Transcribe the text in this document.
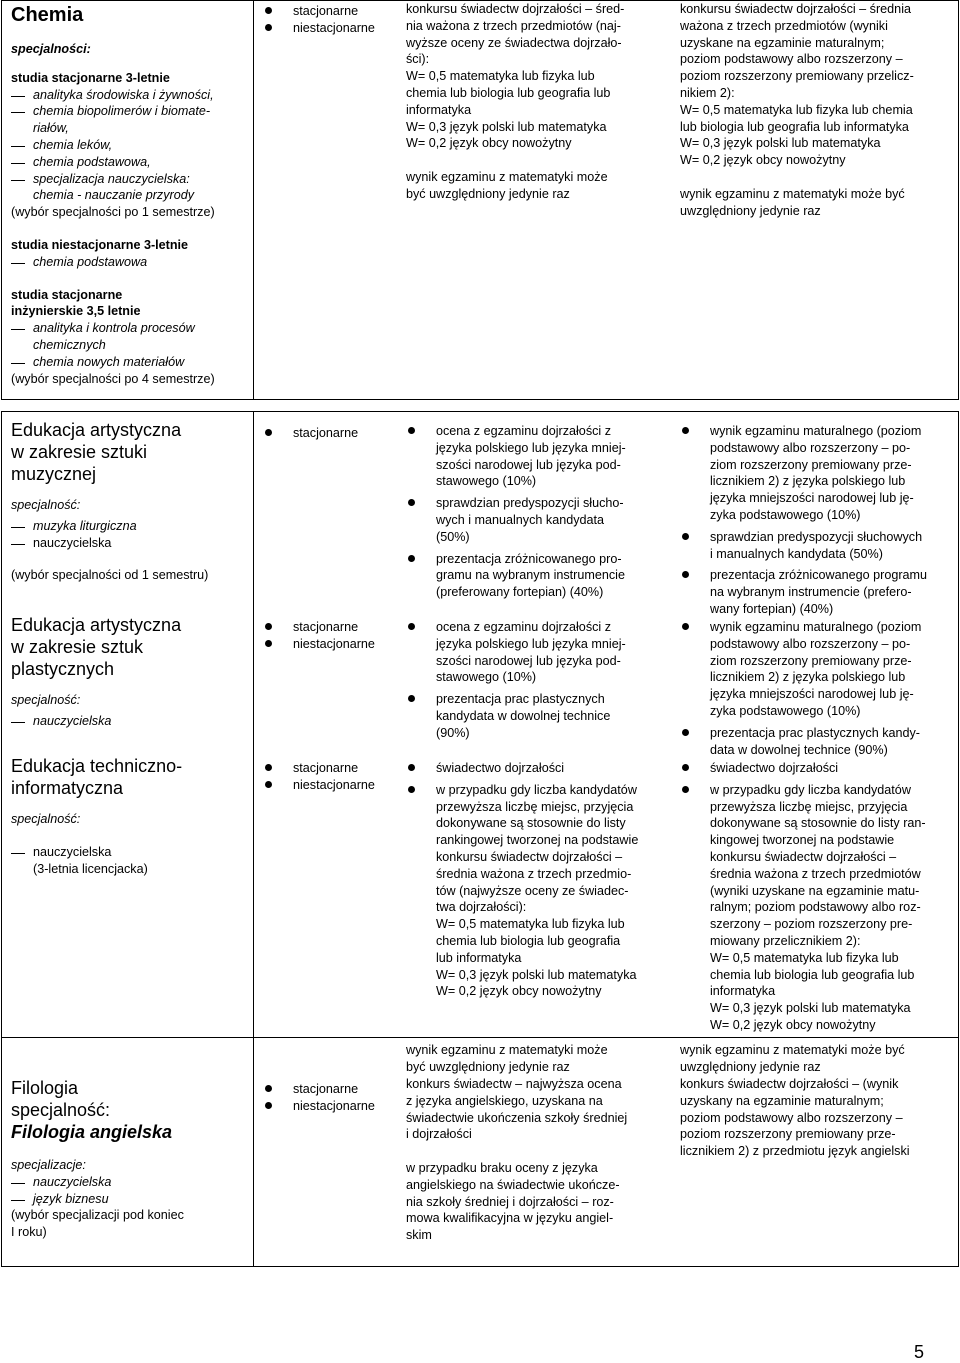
Chemia
specjalności:
studia stacjonarne 3-letnie
analityka środowiska i żywności,
chemia biopolimerów i biomate-
riałów,
chemia leków,
chemia podstawowa,
specjalizacja nauczycielska:
chemia - nauczanie przyrody
(wybór specjalności po 1 semestrze)
studia niestacjonarne 3-letnie
chemia podstawowa
studia stacjonarne
inżynierskie 3,5 letnie
analityka i kontrola procesów
chemicznych
chemia nowych materiałów
(wybór specjalności po 4 semestrze)
stacjonarne
niestacjonarne
konkursu świadectw dojrzałości – śred-
nia ważona z trzech przedmiotów (naj-
wyższe oceny ze świadectwa dojrzało-
ści):
W= 0,5 matematyka lub fizyka lub
chemia lub biologia lub geografia lub
informatyka
W= 0,3 język polski lub matematyka
W= 0,2 język obcy nowożytny
wynik egzaminu z matematyki może
być uwzględniony jedynie raz
konkursu świadectw dojrzałości – średnia
ważona z trzech przedmiotów (wyniki
uzyskane na egzaminie maturalnym;
poziom podstawowy albo rozszerzony –
poziom rozszerzony premiowany przelicz-
nikiem 2):
W= 0,5 matematyka lub fizyka lub chemia
lub biologia lub geografia lub informatyka
W= 0,3 język polski lub matematyka
W= 0,2 język obcy nowożytny
wynik egzaminu z matematyki może być
uwzględniony jedynie raz
Edukacja artystyczna
w zakresie sztuki
muzycznej
specjalność:
muzyka liturgiczna
nauczycielska
(wybór specjalności od 1 semestru)
stacjonarne	ocena z egzaminu dojrzałości z
języka polskiego lub języka mniej-
szości narodowej lub języka pod-
stawowego (10%)
sprawdzian predyspozycji słucho-
wych i manualnych kandydata
(50%)
prezentacja zróżnicowanego pro-
gramu na wybranym instrumencie
(preferowany fortepian) (40%)
wynik egzaminu maturalnego (poziom
podstawowy albo rozszerzony – po-
ziom rozszerzony premiowany prze-
licznikiem 2) z języka polskiego lub
języka mniejszości narodowej lub ję-
zyka podstawowego (10%)
sprawdzian predyspozycji słuchowych
i manualnych kandydata (50%)
prezentacja zróżnicowanego programu
na wybranym instrumencie (prefero-
wany fortepian) (40%)
Edukacja artystyczna
w zakresie sztuk
plastycznych
specjalność:
nauczycielska
stacjonarne
niestacjonarne
ocena z egzaminu dojrzałości z
języka polskiego lub języka mniej-
szości narodowej lub języka pod-
stawowego (10%)
prezentacja prac plastycznych
kandydata w dowolnej technice
(90%)
wynik egzaminu maturalnego (poziom
podstawowy albo rozszerzony – po-
ziom rozszerzony premiowany prze-
licznikiem 2) z języka polskiego lub
języka mniejszości narodowej lub ję-
zyka podstawowego (10%)
prezentacja prac plastycznych kandy-
data w dowolnej technice (90%)
Edukacja techniczno-
informatyczna
specjalność:
nauczycielska
(3-letnia licencjacka)
stacjonarne
niestacjonarne
świadectwo dojrzałości
w przypadku gdy liczba kandydatów
przewyższa liczbę miejsc, przyjęcia
dokonywane są stosownie do listy
rankingowej tworzonej na podstawie
konkursu świadectw dojrzałości –
średnia ważona z trzech przedmio-
tów (najwyższe oceny ze świadec-
twa dojrzałości):
W= 0,5 matematyka lub fizyka lub
chemia lub biologia lub geografia
lub informatyka
W= 0,3 język polski lub matematyka
W= 0,2 język obcy nowożytny
świadectwo dojrzałości
w przypadku gdy liczba kandydatów
przewyższa liczbę miejsc, przyjęcia
dokonywane są stosownie do listy ran-
kingowej tworzonej na podstawie
konkursu świadectw dojrzałości –
średnia ważona z trzech przedmiotów
(wyniki uzyskane na egzaminie matu-
ralnym; poziom podstawowy albo roz-
szerzony – poziom rozszerzony pre-
miowany przelicznikiem 2):
W= 0,5 matematyka lub fizyka lub
chemia lub biologia lub geografia lub
informatyka
W= 0,3 język polski lub matematyka
W= 0,2 język obcy nowożytny
wynik egzaminu z matematyki może
być uwzględniony jedynie raz
wynik egzaminu z matematyki może być
uwzględniony jedynie raz
Filologia
specjalność:
Filologia angielska
specjalizacje:
nauczycielska
język biznesu
(wybór specjalizacji pod koniec
I roku)
stacjonarne
niestacjonarne
konkurs świadectw – najwyższa ocena
z języka angielskiego, uzyskana na
świadectwie ukończenia szkoły średniej
i dojrzałości
w przypadku braku oceny z języka
angielskiego na świadectwie ukończe-
nia szkoły średniej i dojrzałości – roz-
mowa kwalifikacyjna w języku angiel-
skim
konkurs świadectw dojrzałości – (wynik
uzyskany na egzaminie maturalnym;
poziom podstawowy albo rozszerzony –
poziom rozszerzony premiowany prze-
licznikiem 2) z przedmiotu język angielski
5
